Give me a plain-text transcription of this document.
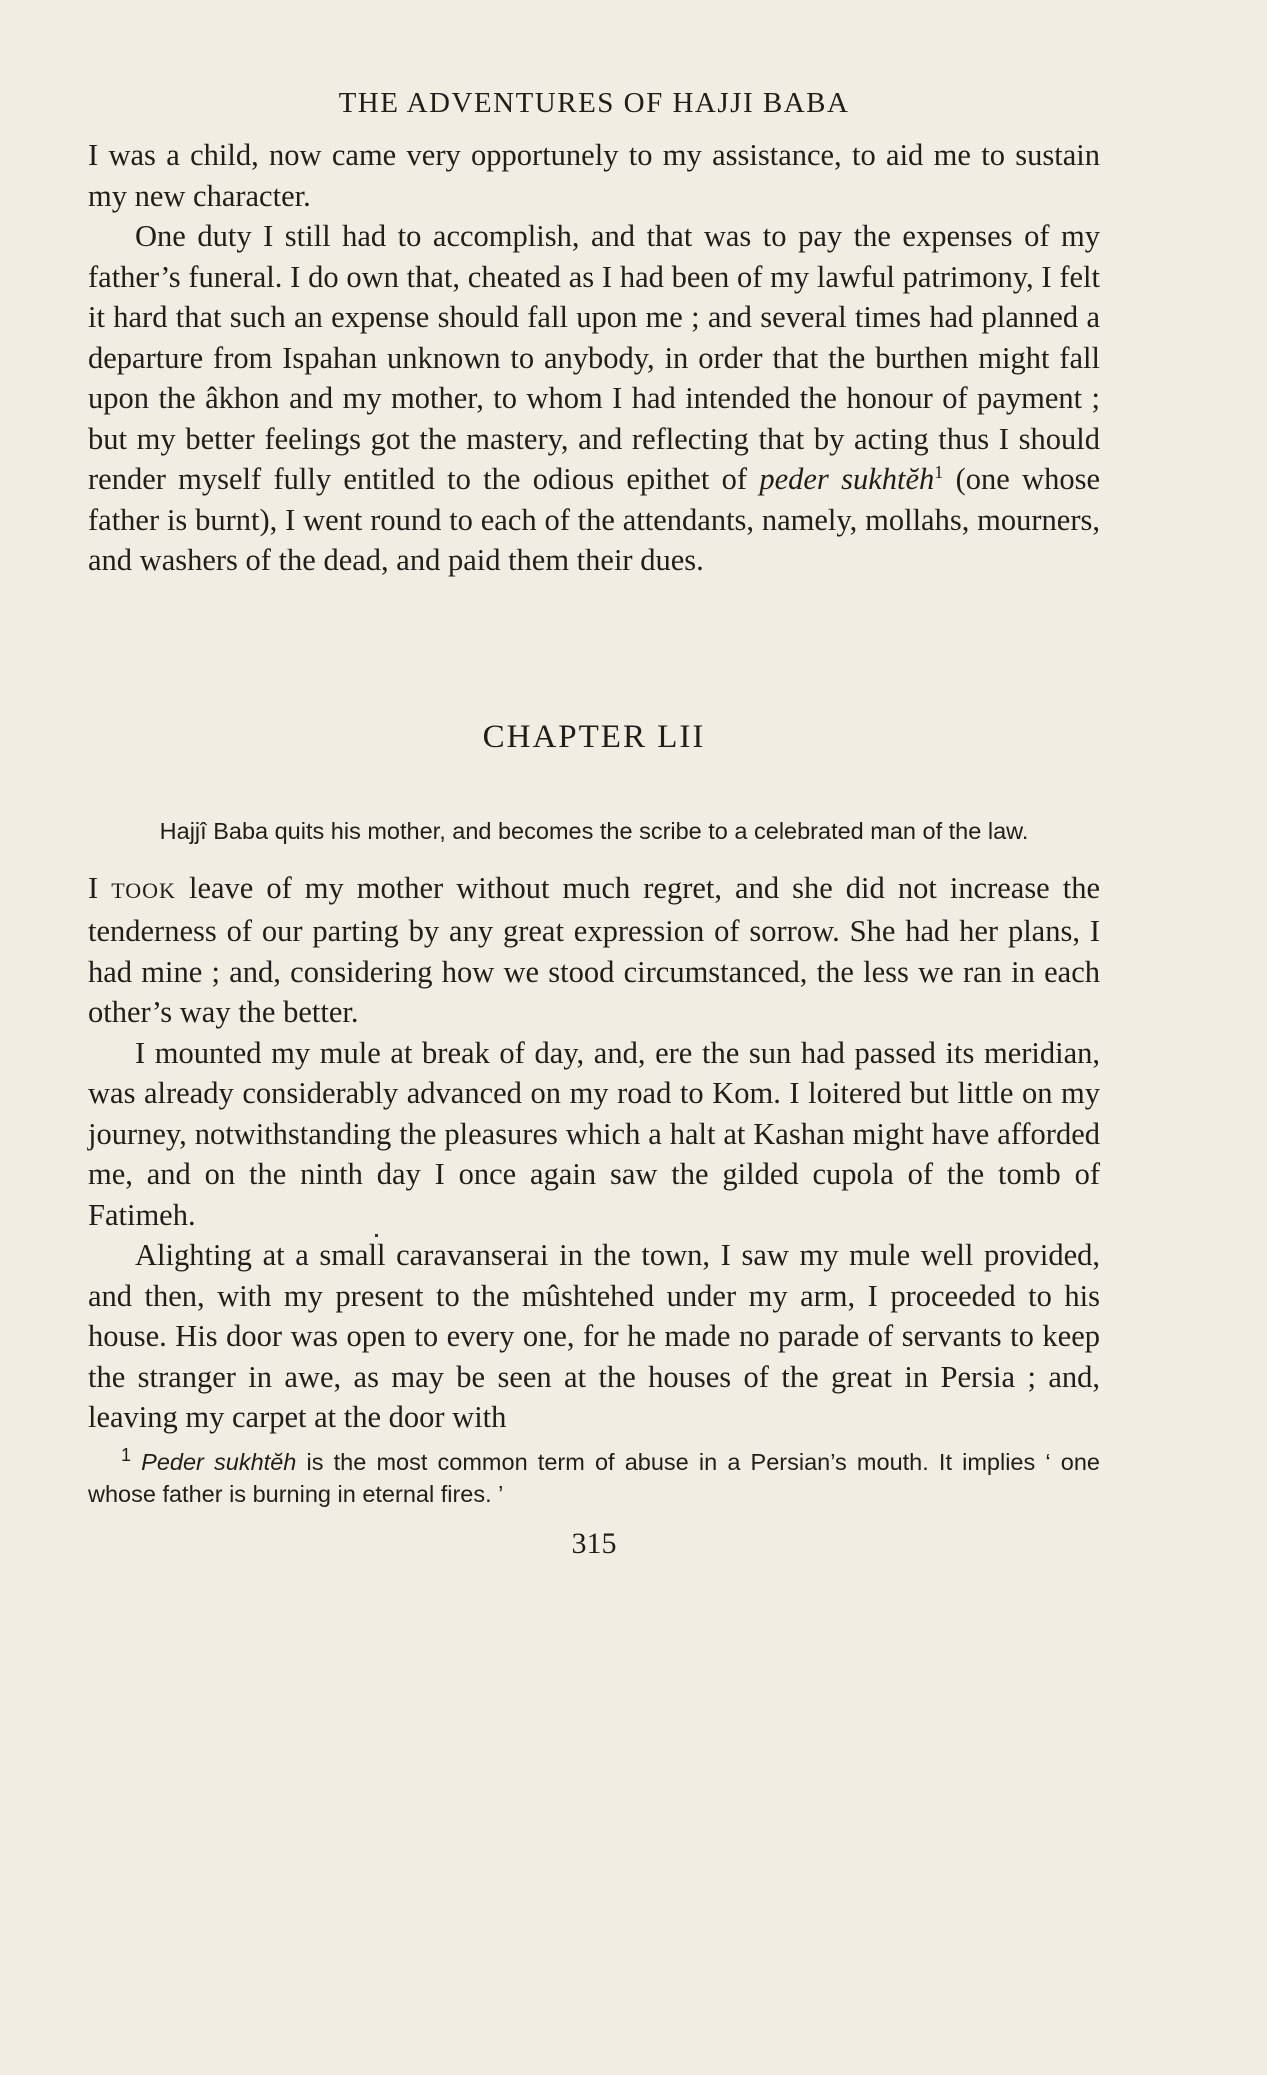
THE ADVENTURES OF HAJJI BABA

I was a child, now came very opportunely to my assistance, to aid me to sustain my new character.

One duty I still had to accomplish, and that was to pay the expenses of my father’s funeral. I do own that, cheated as I had been of my lawful patrimony, I felt it hard that such an expense should fall upon me ; and several times had planned a departure from Ispahan unknown to anybody, in order that the burthen might fall upon the âkhon and my mother, to whom I had intended the honour of payment ; but my better feelings got the mastery, and reflecting that by acting thus I should render myself fully entitled to the odious epithet of peder sukhtĕh$^1$ (one whose father is burnt), I went round to each of the attendants, namely, mollahs, mourners, and washers of the dead, and paid them their dues.

CHAPTER LII
Hajjî Baba quits his mother, and becomes the scribe to a celebrated man of the law.

I TOOK leave of my mother without much regret, and she did not increase the tenderness of our parting by any great expression of sorrow. She had her plans, I had mine ; and, considering how we stood circumstanced, the less we ran in each other’s way the better.

I mounted my mule at break of day, and, ere the sun had passed its meridian, was already considerably advanced on my road to Kom. I loitered but little on my journey, notwithstanding the pleasures which a halt at Kashan might have afforded me, and on the ninth day I once again saw the gilded cupola of the tomb of Fatimeh.

Alighting at a small caravanserai in the town, I saw my mule well provided, and then, with my present to the mûshtehed under my arm, I proceeded to his house. His door was open to every one, for he made no parade of servants to keep the stranger in awe, as may be seen at the houses of the great in Persia ; and, leaving my carpet at the door with

$^1$ Peder sukhtĕh is the most common term of abuse in a Persian’s mouth. It implies ‘ one whose father is burning in eternal fires. ’

315
